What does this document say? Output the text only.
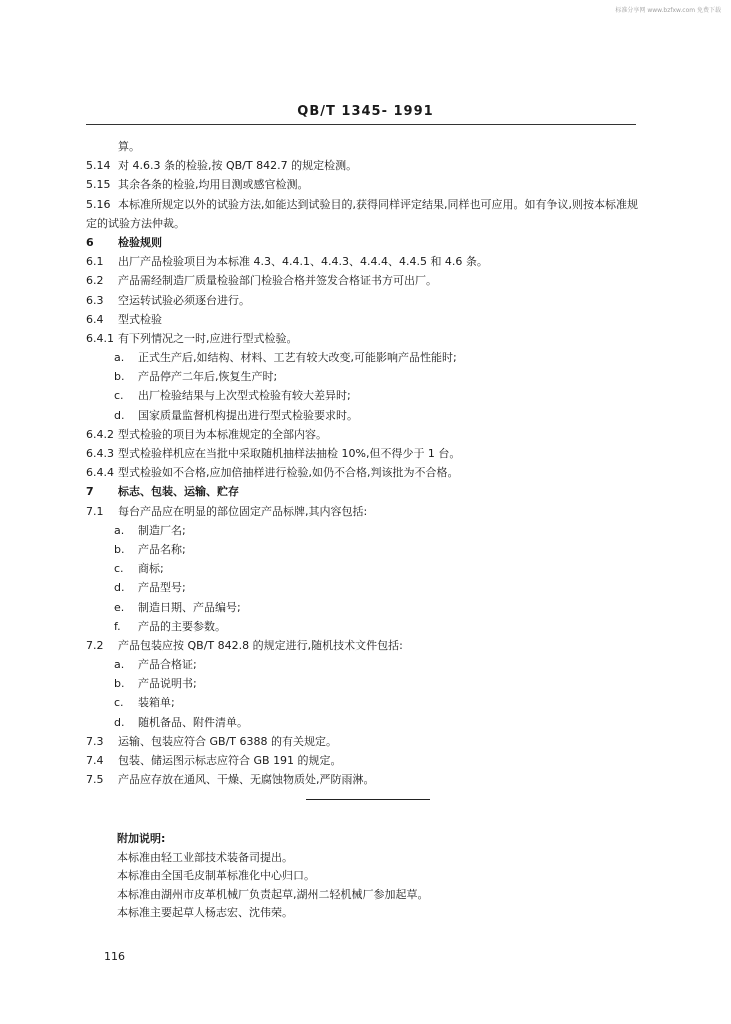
标准分享网 www.bzfxw.com 免费下载
QB/T 1345- 1991
算。
5.14 对 4.6.3 条的检验,按 QB/T 842.7 的规定检测。
5.15 其余各条的检验,均用目测或感官检测。
5.16 本标准所规定以外的试验方法,如能达到试验目的,获得同样评定结果,同样也可应用。如有争议,则按本标准规定的试验方法仲裁。
6 检验规则
6.1 出厂产品检验项目为本标准 4.3、4.4.1、4.4.3、4.4.4、4.4.5 和 4.6 条。
6.2 产品需经制造厂质量检验部门检验合格并签发合格证书方可出厂。
6.3 空运转试验必须逐台进行。
6.4 型式检验
6.4.1 有下列情况之一时,应进行型式检验。
a. 正式生产后,如结构、材料、工艺有较大改变,可能影响产品性能时;
b. 产品停产二年后,恢复生产时;
c. 出厂检验结果与上次型式检验有较大差异时;
d. 国家质量监督机构提出进行型式检验要求时。
6.4.2 型式检验的项目为本标准规定的全部内容。
6.4.3 型式检验样机应在当批中采取随机抽样法抽检 10%,但不得少于 1 台。
6.4.4 型式检验如不合格,应加倍抽样进行检验,如仍不合格,判该批为不合格。
7 标志、包装、运输、贮存
7.1 每台产品应在明显的部位固定产品标牌,其内容包括:
a. 制造厂名;
b. 产品名称;
c. 商标;
d. 产品型号;
e. 制造日期、产品编号;
f. 产品的主要参数。
7.2 产品包装应按 QB/T 842.8 的规定进行,随机技术文件包括:
a. 产品合格证;
b. 产品说明书;
c. 装箱单;
d. 随机备品、附件清单。
7.3 运输、包装应符合 GB/T 6388 的有关规定。
7.4 包装、储运图示标志应符合 GB 191 的规定。
7.5 产品应存放在通风、干燥、无腐蚀物质处,严防雨淋。
附加说明:
本标准由轻工业部技术装备司提出。
本标准由全国毛皮制革标准化中心归口。
本标准由湖州市皮革机械厂负责起草,湖州二轻机械厂参加起草。
本标准主要起草人杨志宏、沈伟荣。
116
